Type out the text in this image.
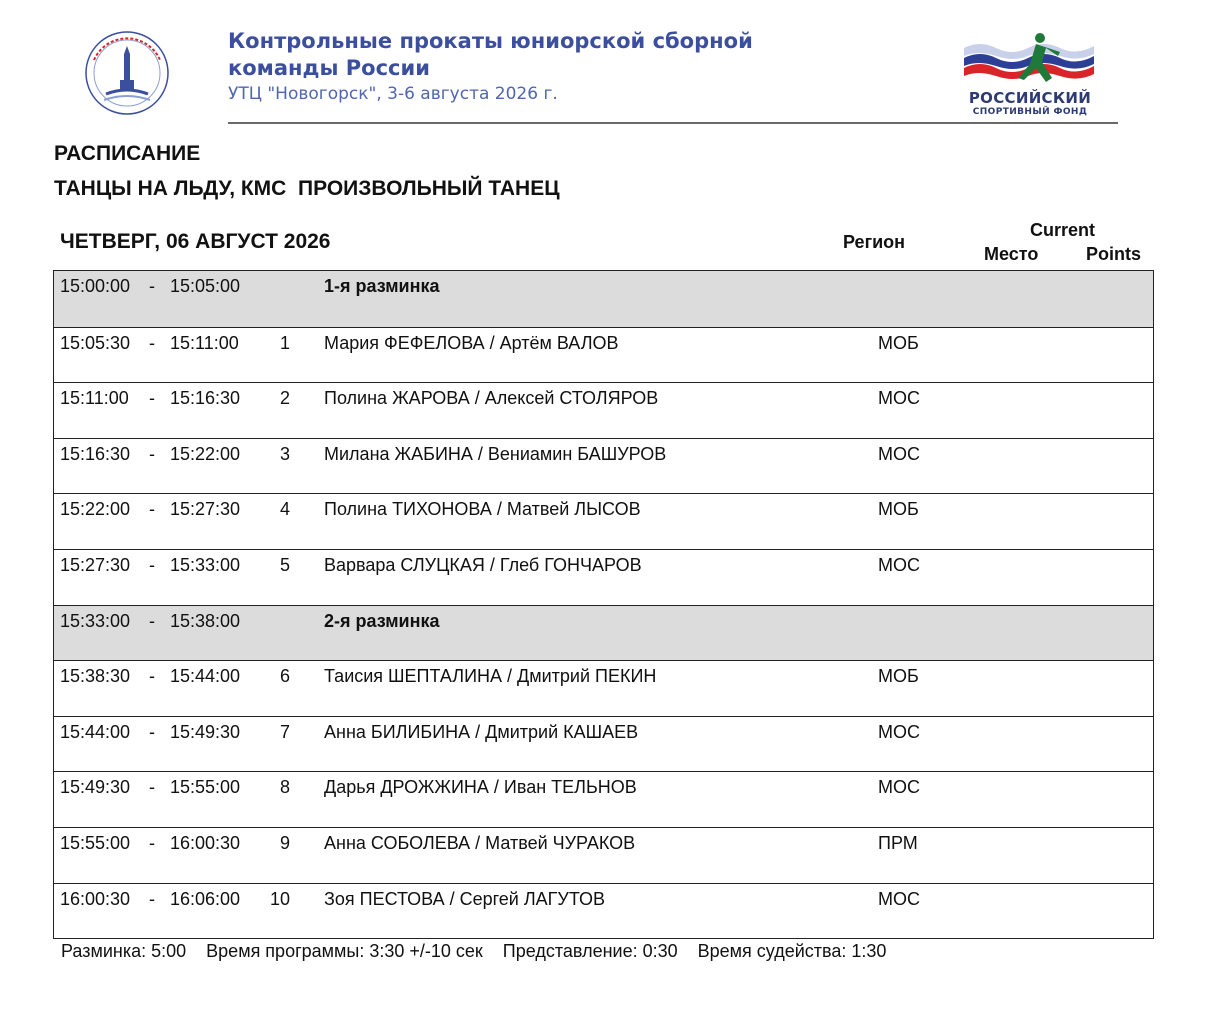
Контрольные прокаты юниорской сборной
команды России
УТЦ "Новогорск", 3-6 августа 2026 г.	РОССИЙСКИЙ
СПОРТИВНЫЙ ФОНД
РАСПИСАНИЕ
ТАНЦЫ НА ЛЬДУ, КМС  ПРОИЗВОЛЬНЫЙ ТАНЕЦ
ЧЕТВЕРГ, 06 АВГУСТ 2026	Регион
Current
Место	Points
15:00:00 - 15:05:00	1-я разминка
15:05:30 - 15:11:00	1 Мария ФЕФЕЛОВА / Артём ВАЛОВ	МОБ
15:11:00 - 15:16:30	2 Полина ЖАРОВА / Алексей СТОЛЯРОВ	МОС
15:16:30 - 15:22:00	3 Милана ЖАБИНА / Вениамин БАШУРОВ	МОС
15:22:00 - 15:27:30	4 Полина ТИХОНОВА / Матвей ЛЫСОВ	МОБ
15:27:30 - 15:33:00	5 Варвара СЛУЦКАЯ / Глеб ГОНЧАРОВ	МОС
15:33:00 - 15:38:00	2-я разминка
15:38:30 - 15:44:00	6 Таисия ШЕПТАЛИНА / Дмитрий ПЕКИН	МОБ
15:44:00 - 15:49:30	7 Анна БИЛИБИНА / Дмитрий КАШАЕВ	МОС
15:49:30 - 15:55:00	8 Дарья ДРОЖЖИНА / Иван ТЕЛЬНОВ	МОС
15:55:00 - 16:00:30	9 Анна СОБОЛЕВА / Матвей ЧУРАКОВ	ПРМ
16:00:30 - 16:06:00	10 Зоя ПЕСТОВА / Сергей ЛАГУТОВ	МОС
Разминка: 5:00    Время программы: 3:30 +/-10 сек    Представление: 0:30    Время судейства: 1:30
